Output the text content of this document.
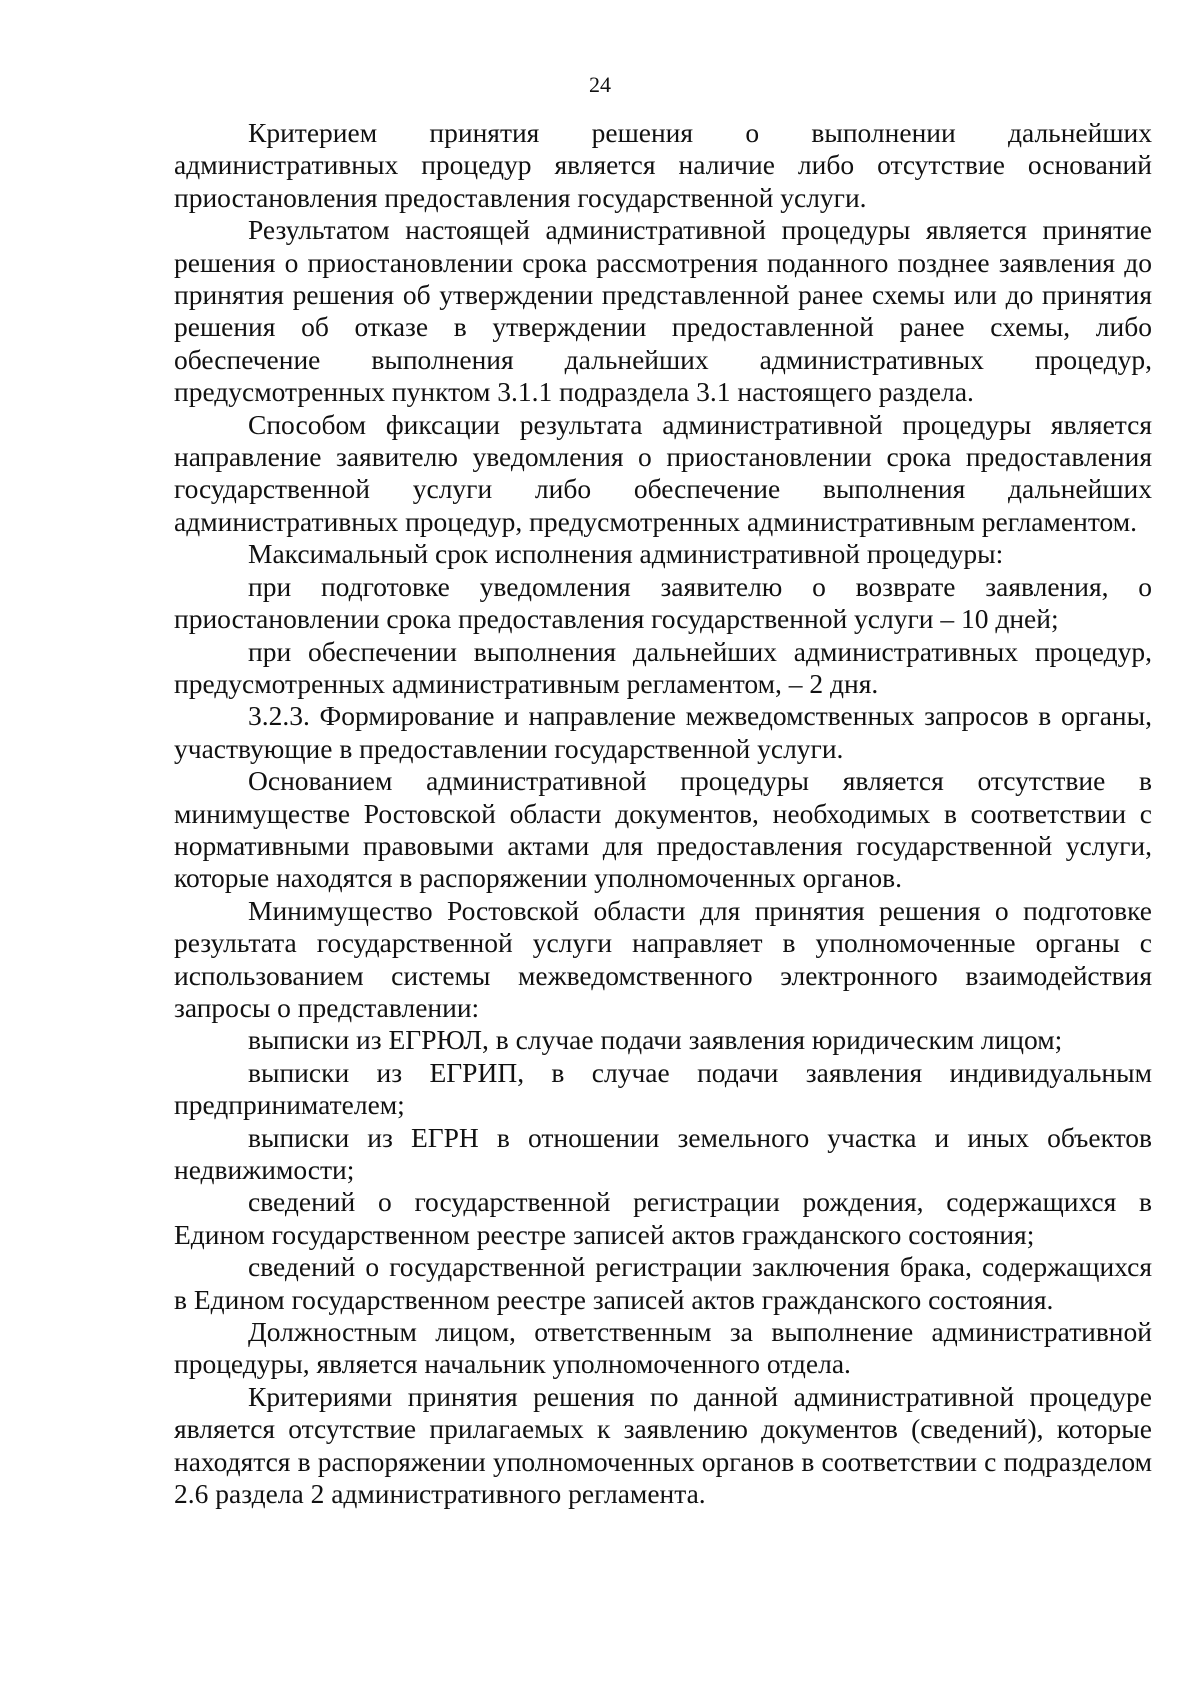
24

Критерием принятия решения о выполнении дальнейших административных процедур является наличие либо отсутствие оснований приостановления предоставления государственной услуги.

Результатом настоящей административной процедуры является принятие решения о приостановлении срока рассмотрения поданного позднее заявления до принятия решения об утверждении представленной ранее схемы или до принятия решения об отказе в утверждении предоставленной ранее схемы, либо обеспечение выполнения дальнейших административных процедур, предусмотренных пунктом 3.1.1 подраздела 3.1 настоящего раздела.

Способом фиксации результата административной процедуры является направление заявителю уведомления о приостановлении срока предоставления государственной услуги либо обеспечение выполнения дальнейших административных процедур, предусмотренных административным регламентом.

Максимальный срок исполнения административной процедуры:

при подготовке уведомления заявителю о возврате заявления, о приостановлении срока предоставления государственной услуги – 10 дней;

при обеспечении выполнения дальнейших административных процедур, предусмотренных административным регламентом, – 2 дня.

3.2.3. Формирование и направление межведомственных запросов в органы, участвующие в предоставлении государственной услуги.

Основанием административной процедуры является отсутствие в минимуществе Ростовской области документов, необходимых в соответствии с нормативными правовыми актами для предоставления государственной услуги, которые находятся в распоряжении уполномоченных органов.

Минимущество Ростовской области для принятия решения о подготовке результата государственной услуги направляет в уполномоченные органы с использованием системы межведомственного электронного взаимодействия запросы о представлении:

выписки из ЕГРЮЛ, в случае подачи заявления юридическим лицом;

выписки из ЕГРИП, в случае подачи заявления индивидуальным предпринимателем;

выписки из ЕГРН в отношении земельного участка и иных объектов недвижимости;

сведений о государственной регистрации рождения, содержащихся в Едином государственном реестре записей актов гражданского состояния;

сведений о государственной регистрации заключения брака, содержащихся в Едином государственном реестре записей актов гражданского состояния.

Должностным лицом, ответственным за выполнение административной процедуры, является начальник уполномоченного отдела.

Критериями принятия решения по данной административной процедуре является отсутствие прилагаемых к заявлению документов (сведений), которые находятся в распоряжении уполномоченных органов в соответствии с подразделом 2.6 раздела 2 административного регламента.
